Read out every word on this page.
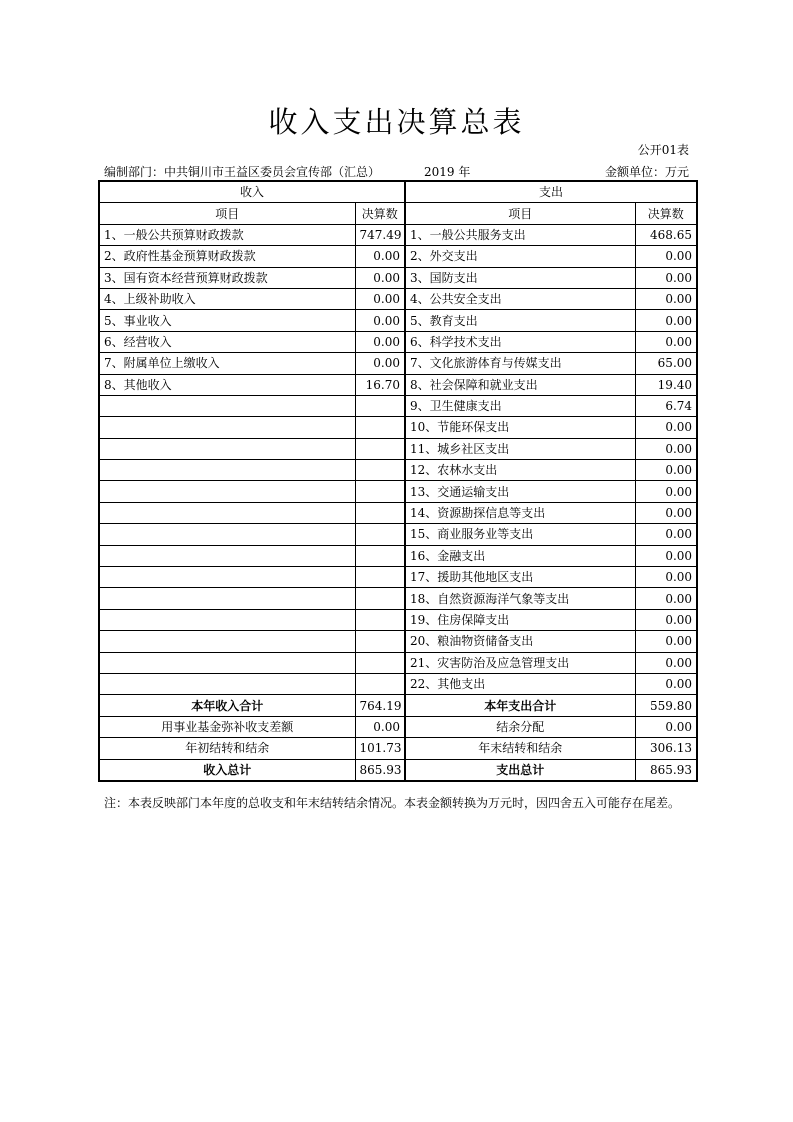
收入支出决算总表
公开01表
编制部门：中共铜川市王益区委员会宣传部（汇总）	2019 年	金额单位：万元
收入		支出	
项目	决算数	项目	决算数
1、一般公共预算财政拨款	747.49	1、一般公共服务支出	468.65
2、政府性基金预算财政拨款	0.00	2、外交支出	0.00
3、国有资本经营预算财政拨款	0.00	3、国防支出	0.00
4、上级补助收入	0.00	4、公共安全支出	0.00
5、事业收入	0.00	5、教育支出	0.00
6、经营收入	0.00	6、科学技术支出	0.00
7、附属单位上缴收入	0.00	7、文化旅游体育与传媒支出	65.00
8、其他收入	16.70	8、社会保障和就业支出	19.40
		9、卫生健康支出	6.74
		10、节能环保支出	0.00
		11、城乡社区支出	0.00
		12、农林水支出	0.00
		13、交通运输支出	0.00
		14、资源勘探信息等支出	0.00
		15、商业服务业等支出	0.00
		16、金融支出	0.00
		17、援助其他地区支出	0.00
		18、自然资源海洋气象等支出	0.00
		19、住房保障支出	0.00
		20、粮油物资储备支出	0.00
		21、灾害防治及应急管理支出	0.00
		22、其他支出	0.00
本年收入合计	764.19	本年支出合计	559.80
用事业基金弥补收支差额	0.00	结余分配	0.00
年初结转和结余	101.73	年末结转和结余	306.13
收入总计	865.93	支出总计	865.93
注：本表反映部门本年度的总收支和年末结转结余情况。本表金额转换为万元时，因四舍五入可能存在尾差。
